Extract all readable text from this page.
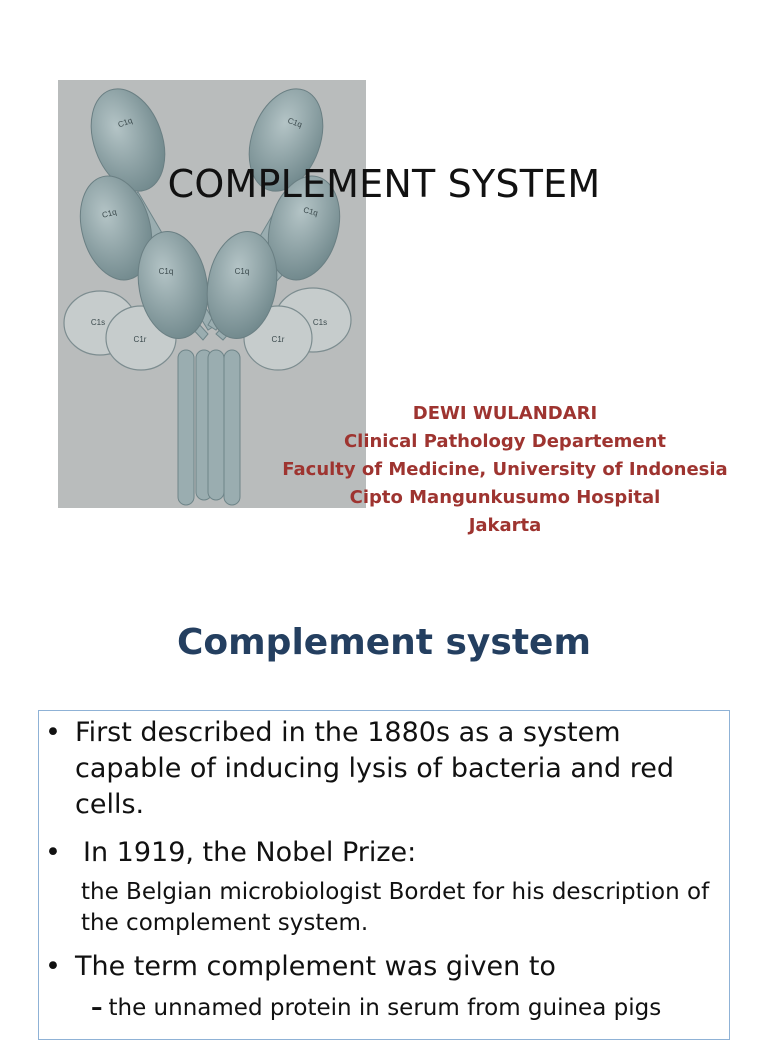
C1q	C1q
C1q	C1q
C1q	C1q
C1s
C1r
C1s
C1r
COMPLEMENT SYSTEM
DEWI WULANDARI
Clinical Pathology Departement
Faculty of Medicine, University of Indonesia
Cipto Mangunkusumo Hospital
Jakarta
Complement system
• First described in the 1880s as a system capable of inducing lysis of bacteria and red cells.
• In 1919, the Nobel Prize:
the Belgian microbiologist Bordet for his description of the complement system.
• The term complement was given to
– the unnamed protein in serum from guinea pigs
